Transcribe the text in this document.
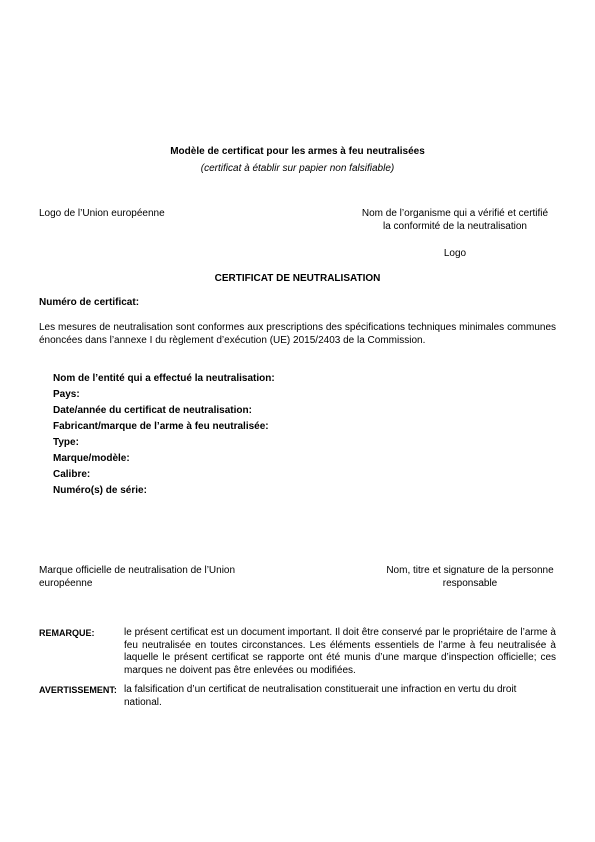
Modèle de certificat pour les armes à feu neutralisées
(certificat à établir sur papier non falsifiable)
Logo de l’Union européenne	Nom de l’organisme qui a vérifié et certifié la conformité de la neutralisation
Logo
CERTIFICAT DE NEUTRALISATION
Numéro de certificat:
Les mesures de neutralisation sont conformes aux prescriptions des spécifications techniques minimales communes énoncées dans l’annexe I du règlement d’exécution (UE) 2015/2403 de la Commission.
Nom de l’entité qui a effectué la neutralisation:
Pays:
Date/année du certificat de neutralisation:
Fabricant/marque de l’arme à feu neutralisée:
Type:
Marque/modèle:
Calibre:
Numéro(s) de série:
Marque officielle de neutralisation de l’Union européenne
Nom, titre et signature de la personne responsable
REMARQUE:	le présent certificat est un document important. Il doit être conservé par le propriétaire de l’arme à feu neutralisée en toutes circonstances. Les éléments essentiels de l’arme à feu neutralisée à laquelle le présent certificat se rapporte ont été munis d’une marque d’inspection officielle; ces marques ne doivent pas être enlevées ou modifiées.
AVERTISSEMENT: la falsification d’un certificat de neutralisation constituerait une infraction en vertu du droit national.
